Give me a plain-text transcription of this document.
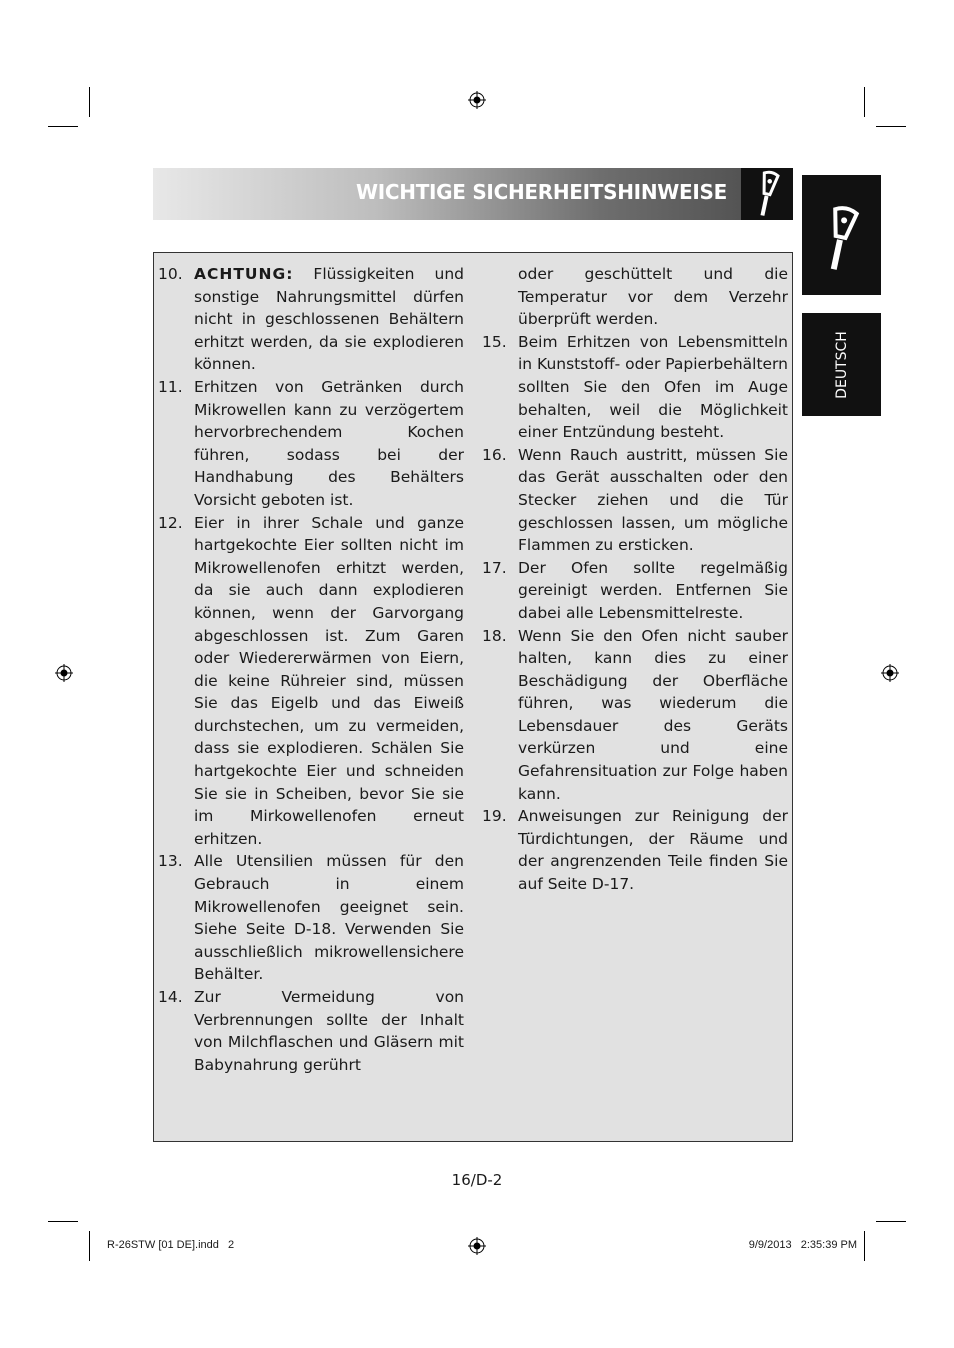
WICHTIGE SICHERHEITSHINWEISE
DEUTSCH
10. ACHTUNG: Flüssigkeiten und sonstige Nahrungsmittel dürfen nicht in geschlossenen Behältern erhitzt werden, da sie explodieren können.
11. Erhitzen von Getränken durch Mikrowellen kann zu verzögertem hervorbrechendem Kochen führen, sodass bei der Handhabung des Behälters Vorsicht geboten ist.
12. Eier in ihrer Schale und ganze hartgekochte Eier sollten nicht im Mikrowellenofen erhitzt werden, da sie auch dann explodieren können, wenn der Garvorgang abgeschlossen ist. Zum Garen oder Wiedererwärmen von Eiern, die keine Rühreier sind, müssen Sie das Eigelb und das Eiweiß durchstechen, um zu vermeiden, dass sie explodieren. Schälen Sie hartgekochte Eier und schneiden Sie sie in Scheiben, bevor Sie sie im Mirkowellenofen erneut erhitzen.
13. Alle Utensilien müssen für den Gebrauch in einem Mikrowellenofen geeignet sein. Siehe Seite D-18. Verwenden Sie ausschließlich mikrowellensichere Behälter.
14. Zur Vermeidung von Verbrennungen sollte der Inhalt von Milchflaschen und Gläsern mit Babynahrung gerührt
oder geschüttelt und die Temperatur vor dem Verzehr überprüft werden.
15. Beim Erhitzen von Lebensmitteln in Kunststoff- oder Papierbehältern sollten Sie den Ofen im Auge behalten, weil die Möglichkeit einer Entzündung besteht.
16. Wenn Rauch austritt, müssen Sie das Gerät ausschalten oder den Stecker ziehen und die Tür geschlossen lassen, um mögliche Flammen zu ersticken.
17. Der Ofen sollte regelmäßig gereinigt werden. Entfernen Sie dabei alle Lebensmittelreste.
18. Wenn Sie den Ofen nicht sauber halten, kann dies zu einer Beschädigung der Oberfläche führen, was wiederum die Lebensdauer des Geräts verkürzen und eine Gefahrensituation zur Folge haben kann.
19. Anweisungen zur Reinigung der Türdichtungen, der Räume und der angrenzenden Teile finden Sie auf Seite D-17.
16/D-2
R-26STW [01 DE].indd   2	9/9/2013   2:35:39 PM
